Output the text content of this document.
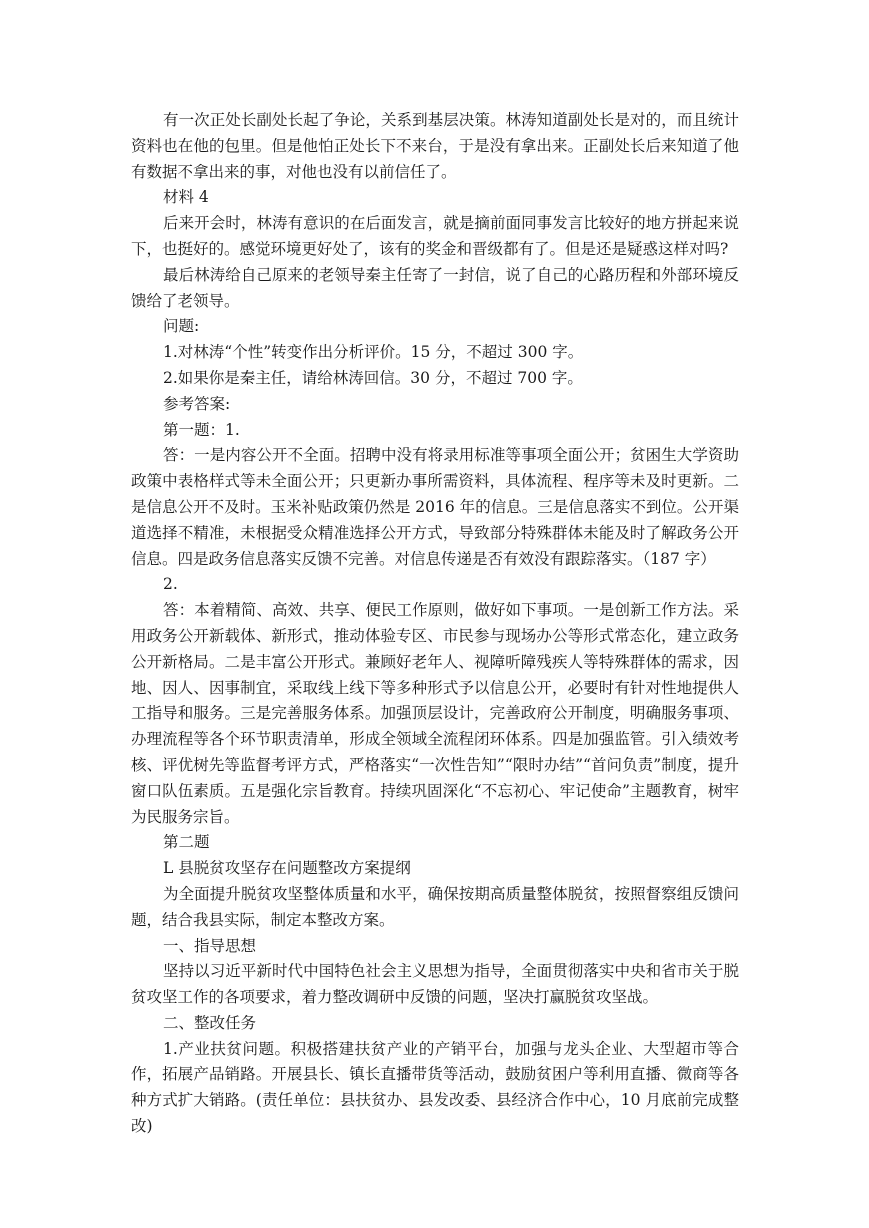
有一次正处长副处长起了争论，关系到基层决策。林涛知道副处长是对的，而且统计资料也在他的包里。但是他怕正处长下不来台，于是没有拿出来。正副处长后来知道了他有数据不拿出来的事，对他也没有以前信任了。

材料 4

后来开会时，林涛有意识的在后面发言，就是摘前面同事发言比较好的地方拼起来说下，也挺好的。感觉环境更好处了，该有的奖金和晋级都有了。但是还是疑惑这样对吗?

最后林涛给自己原来的老领导秦主任寄了一封信，说了自己的心路历程和外部环境反馈给了老领导。

问题:

1.对林涛“个性”转变作出分析评价。15 分，不超过 300 字。

2.如果你是秦主任，请给林涛回信。30 分，不超过 700 字。

参考答案:

第一题：1.

答：一是内容公开不全面。招聘中没有将录用标准等事项全面公开；贫困生大学资助政策中表格样式等未全面公开；只更新办事所需资料，具体流程、程序等未及时更新。二是信息公开不及时。玉米补贴政策仍然是 2016 年的信息。三是信息落实不到位。公开渠道选择不精准，未根据受众精准选择公开方式，导致部分特殊群体未能及时了解政务公开信息。四是政务信息落实反馈不完善。对信息传递是否有效没有跟踪落实。（187 字）

2.

答：本着精简、高效、共享、便民工作原则，做好如下事项。一是创新工作方法。采用政务公开新载体、新形式，推动体验专区、市民参与现场办公等形式常态化，建立政务公开新格局。二是丰富公开形式。兼顾好老年人、视障听障残疾人等特殊群体的需求，因地、因人、因事制宜，采取线上线下等多种形式予以信息公开，必要时有针对性地提供人工指导和服务。三是完善服务体系。加强顶层设计，完善政府公开制度，明确服务事项、办理流程等各个环节职责清单，形成全领域全流程闭环体系。四是加强监管。引入绩效考核、评优树先等监督考评方式，严格落实“一次性告知”“限时办结”“首问负责”制度，提升窗口队伍素质。五是强化宗旨教育。持续巩固深化“不忘初心、牢记使命”主题教育，树牢为民服务宗旨。

第二题

L 县脱贫攻坚存在问题整改方案提纲

为全面提升脱贫攻坚整体质量和水平，确保按期高质量整体脱贫，按照督察组反馈问题，结合我县实际，制定本整改方案。

一、指导思想

坚持以习近平新时代中国特色社会主义思想为指导，全面贯彻落实中央和省市关于脱贫攻坚工作的各项要求，着力整改调研中反馈的问题，坚决打赢脱贫攻坚战。

二、整改任务

1.产业扶贫问题。积极搭建扶贫产业的产销平台，加强与龙头企业、大型超市等合作，拓展产品销路。开展县长、镇长直播带货等活动，鼓励贫困户等利用直播、微商等各种方式扩大销路。(责任单位：县扶贫办、县发改委、县经济合作中心，10 月底前完成整改)
